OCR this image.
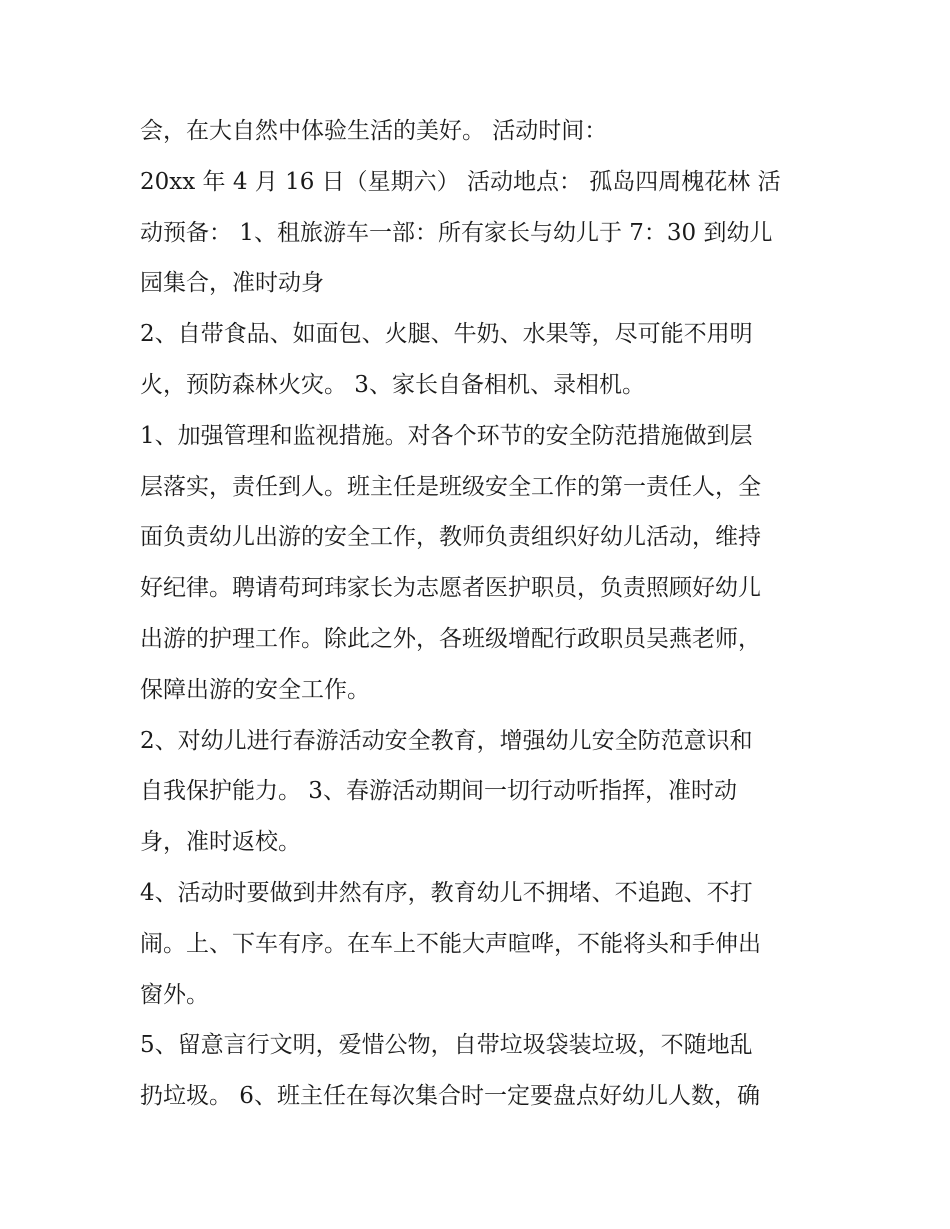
会，在大自然中体验生活的美好。 活动时间：
20xx 年 4 月 16 日（星期六） 活动地点： 孤岛四周槐花林 活
动预备： 1、租旅游车一部：所有家长与幼儿于 7：30 到幼儿
园集合，准时动身
2、自带食品、如面包、火腿、牛奶、水果等，尽可能不用明
火，预防森林火灾。 3、家长自备相机、录相机。
1、加强管理和监视措施。对各个环节的安全防范措施做到层
层落实，责任到人。班主任是班级安全工作的第一责任人，全
面负责幼儿出游的安全工作，教师负责组织好幼儿活动，维持
好纪律。聘请苟珂玮家长为志愿者医护职员，负责照顾好幼儿
出游的护理工作。除此之外，各班级增配行政职员吴燕老师，
保障出游的安全工作。
2、对幼儿进行春游活动安全教育，增强幼儿安全防范意识和
自我保护能力。 3、春游活动期间一切行动听指挥，准时动
身，准时返校。
4、活动时要做到井然有序，教育幼儿不拥堵、不追跑、不打
闹。上、下车有序。在车上不能大声暄哗，不能将头和手伸出
窗外。
5、留意言行文明，爱惜公物，自带垃圾袋装垃圾，不随地乱
扔垃圾。 6、班主任在每次集合时一定要盘点好幼儿人数，确
